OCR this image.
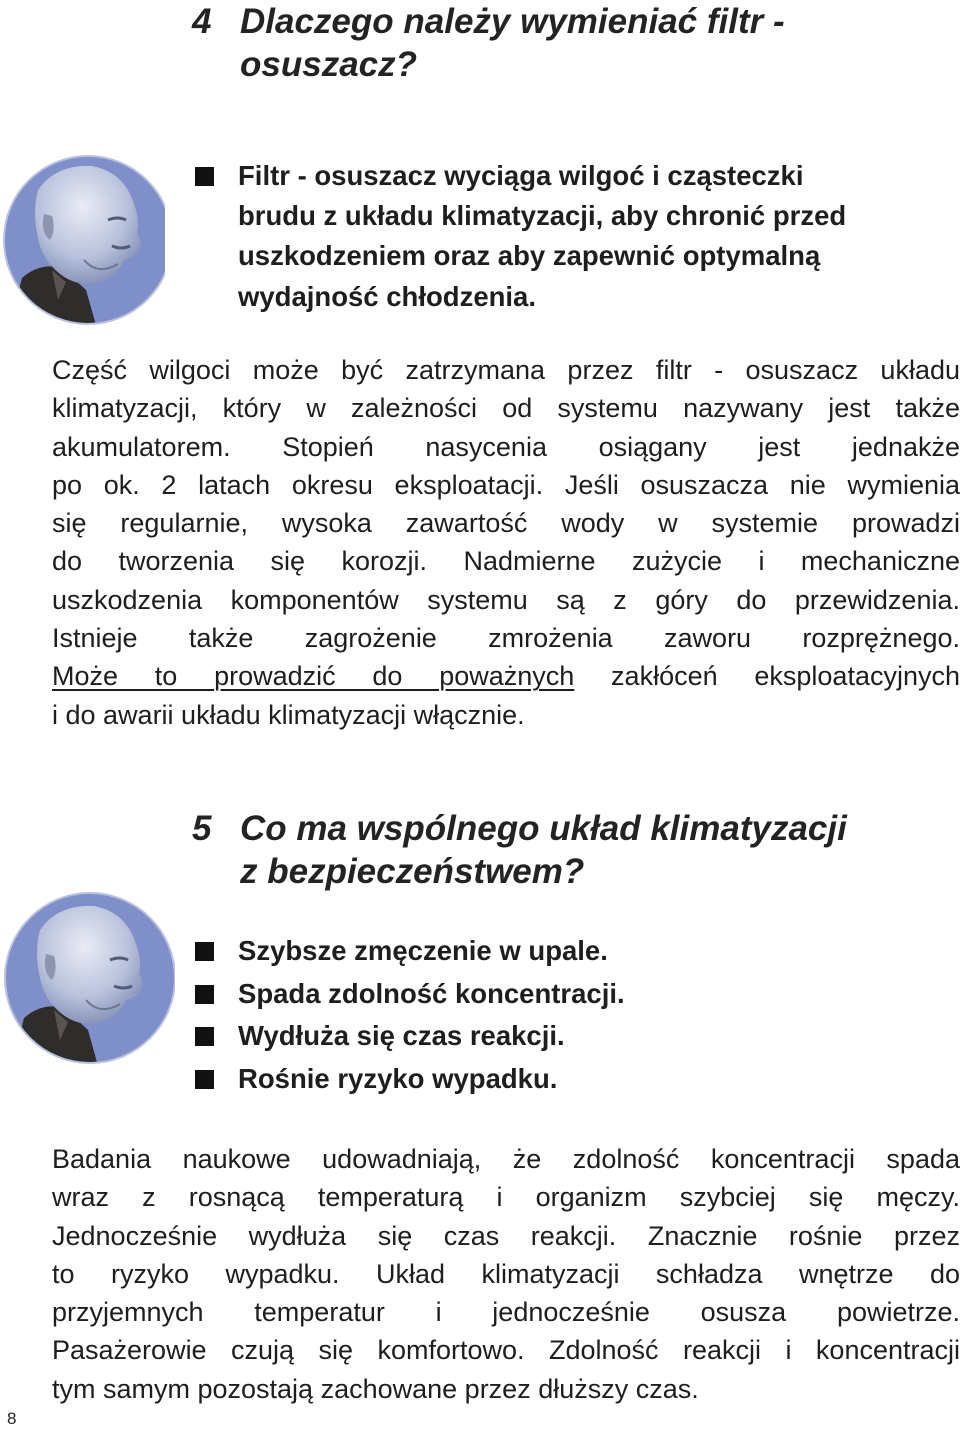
4 Dlaczego należy wymieniać filtr -
osuszacz?
Filtr - osuszacz wyciąga wilgoć i cząsteczki
brudu z układu klimatyzacji, aby chronić przed
uszkodzeniem oraz aby zapewnić optymalną
wydajność chłodzenia.

Część wilgoci może być zatrzymana przez filtr - osuszacz układu
klimatyzacji, który w zależności od systemu nazywany jest także
akumulatorem. Stopień nasycenia osiągany jest jednakże
po ok. 2 latach okresu eksploatacji. Jeśli osuszacza nie wymienia
się regularnie, wysoka zawartość wody w systemie prowadzi
do tworzenia się korozji. Nadmierne zużycie i mechaniczne
uszkodzenia komponentów systemu są z góry do przewidzenia.
Istnieje także zagrożenie zmrożenia zaworu rozprężnego.
Może to prowadzić do poważnych zakłóceń eksploatacyjnych
i do awarii układu klimatyzacji włącznie.

5 Co ma wspólnego układ klimatyzacji
z bezpieczeństwem?
Szybsze zmęczenie w upale.
Spada zdolność koncentracji.
Wydłuża się czas reakcji.
Rośnie ryzyko wypadku.

Badania naukowe udowadniają, że zdolność koncentracji spada
wraz z rosnącą temperaturą i organizm szybciej się męczy.
Jednocześnie wydłuża się czas reakcji. Znacznie rośnie przez
to ryzyko wypadku. Układ klimatyzacji schładza wnętrze do
przyjemnych temperatur i jednocześnie osusza powietrze.
Pasażerowie czują się komfortowo. Zdolność reakcji i koncentracji
tym samym pozostają zachowane przez dłuższy czas.

8
